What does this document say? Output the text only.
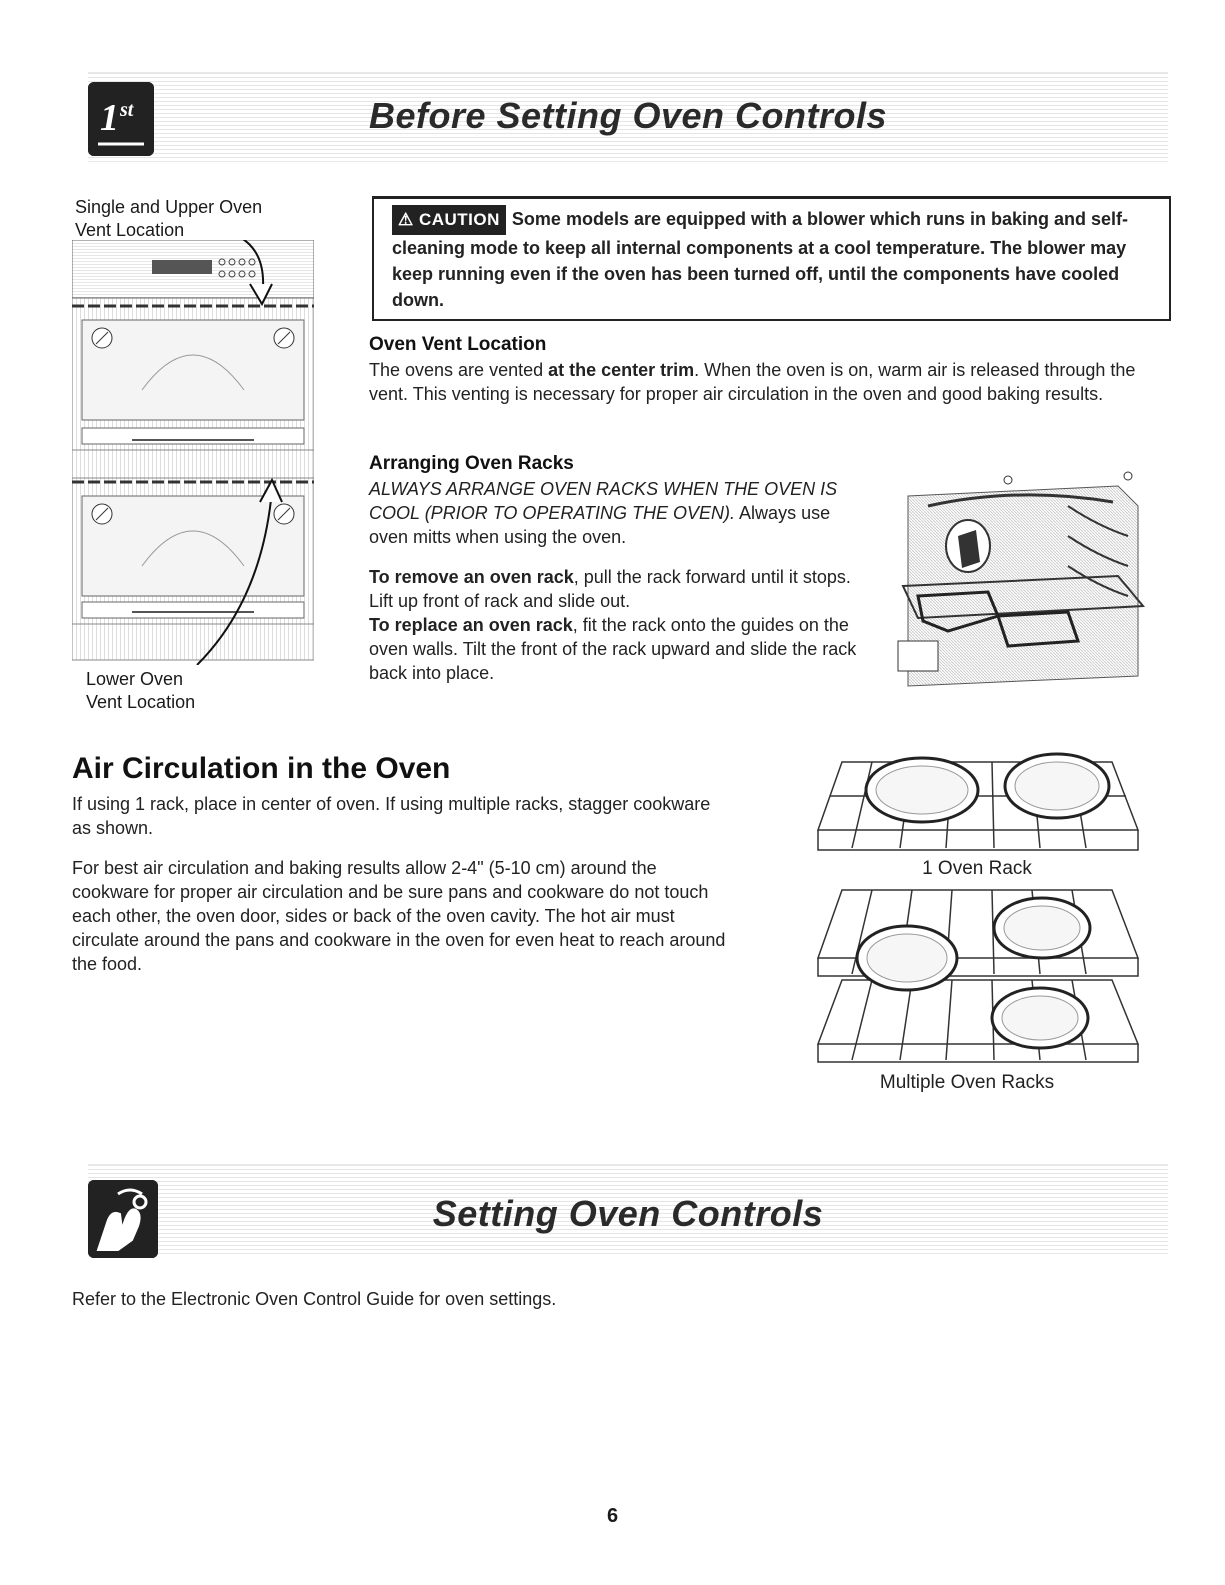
Before Setting Oven Controls
1 st
Single and Upper Oven
Vent Location
Lower Oven
Vent Location
⚠ CAUTION Some models are equipped with a blower which runs in baking and self-cleaning mode to keep all internal components at a cool temperature. The blower may keep running even if the oven has been turned off, until the components have cooled down.
Oven Vent Location
The ovens are vented at the center trim. When the oven is on, warm air is released through the vent. This venting is necessary for proper air circulation in the oven and good baking results.
Arranging Oven Racks
ALWAYS ARRANGE OVEN RACKS WHEN THE OVEN IS COOL (PRIOR TO OPERATING THE OVEN). Always use oven mitts when using the oven.
To remove an oven rack, pull the rack forward until it stops. Lift up front of rack and slide out.
To replace an oven rack, fit the rack onto the guides on the oven walls. Tilt the front of the rack upward and slide the rack back into place.
Air Circulation in the Oven
If using 1 rack, place in center of oven. If using multiple racks, stagger cookware as shown.
For best air circulation and baking results allow 2-4" (5-10 cm) around the cookware for proper air circulation and be sure pans and cookware do not touch each other, the oven door, sides or back of the oven cavity. The hot air must circulate around the pans and cookware in the oven for even heat to reach around the food.
1 Oven Rack
Multiple Oven Racks
Setting Oven Controls
Refer to the Electronic Oven Control Guide for oven settings.
6
